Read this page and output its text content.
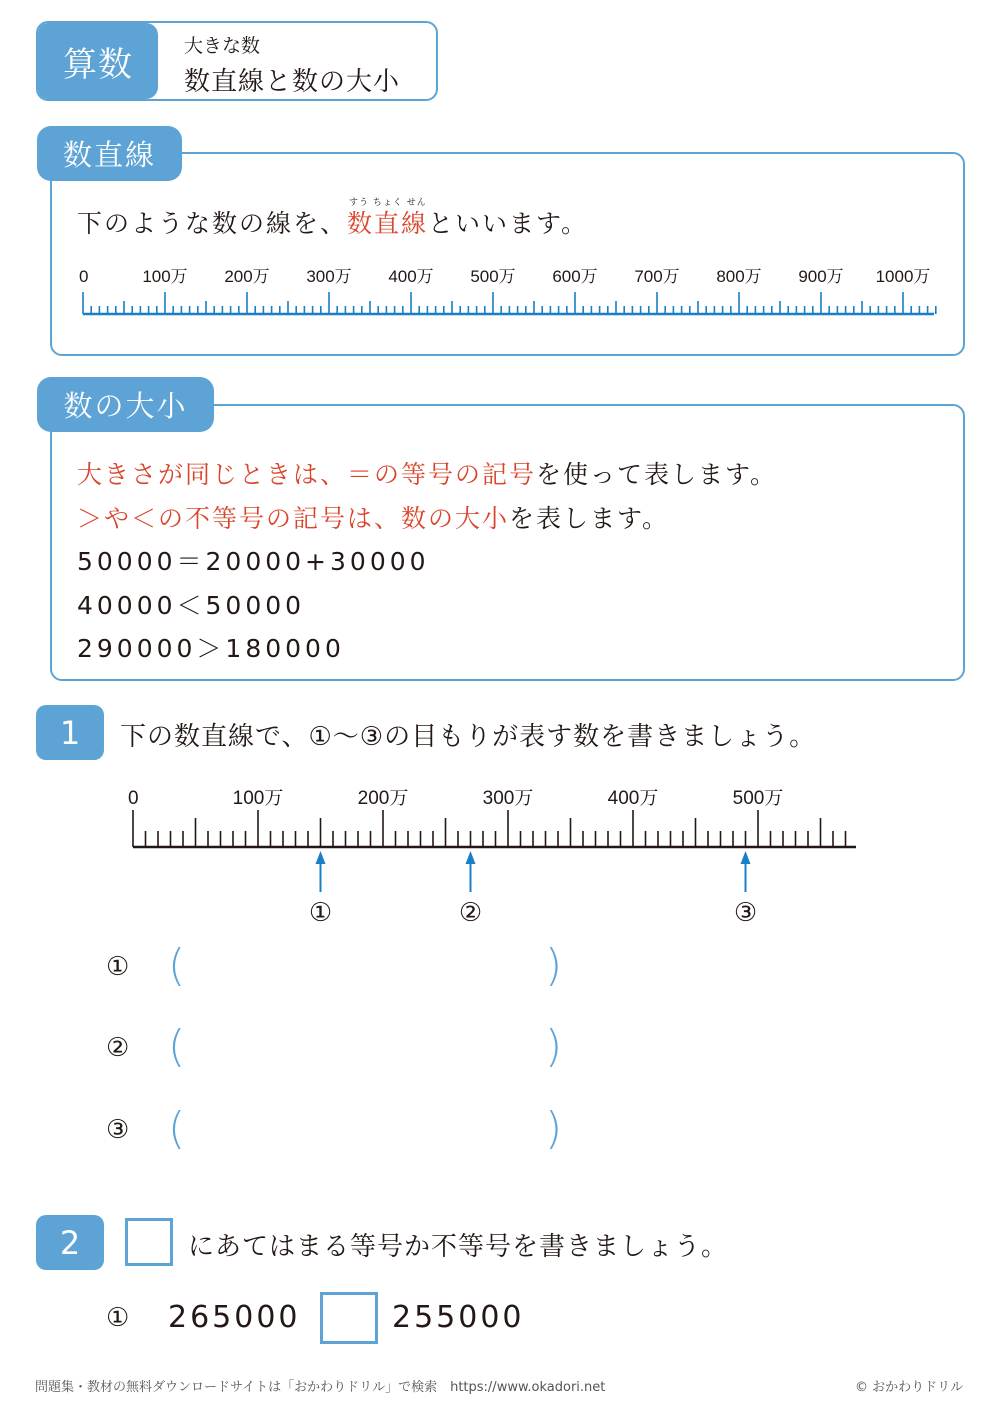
算数	大きな数
数直線と数の大小
数直線
下のような数の線を、
すう ちょく せん
数直線といいます。
0	100万 200万 300万 400万 500万 600万 700万 800万 900万 1000万
数の大小
大きさが同じときは、＝の等号の記号を使って表します。
＞や＜の不等号の記号は、数の大小を表します。
50000＝20000+30000
40000＜50000
290000＞180000
1	下の数直線で、①〜③の目もりが表す数を書きましょう。
0	100万	200万	300万	400万	500万
①	②	③
① (	)
② (	)
③ (	)
2	にあてはまる等号か不等号を書きましょう。
① 265000	255000
問題集・教材の無料ダウンロードサイトは「おかわりドリル」で検索　https://www.okadori.net	© おかわりドリル
